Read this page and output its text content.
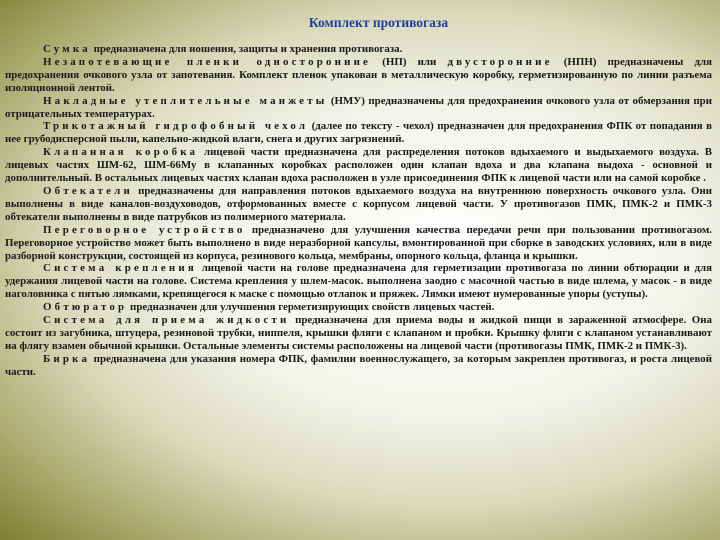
Комплект противогаза

Сумка предназначена для ношения, защиты и хранения противогаза.

Незапотевающие пленки односторонние (НП) или двусторонние (НПН) предназначены для предохранения очкового узла от запотевания. Комплект пленок упакован в металлическую коробку, герметизированную по линии разъема изоляционной лентой.

Накладные утеплительные манжеты (НМУ) предназначены для предохранения очкового узла от обмерзания при отрицательных температурах.

Трикотажный гидрофобный чехол (далее по тексту - чехол) предназначен для предохранения ФПК от попадания в нее грубодисперсной пыли, капельно-жидкой влаги, снега и других загрязнений.

Клапанная коробка лицевой части предназначена для распределения потоков вдыхаемого и выдыхаемого воздуха. В лицевых частях ШМ-62, ШМ-66Му в клапанных коробках расположен один клапан вдоха и два клапана выдоха - основной и дополнительный. В остальных лицевых частях клапан вдоха расположен в узле присоединения ФПК к лицевой части или на самой коробке .

Обтекатели предназначены для направления потоков вдыхаемого воздуха на внутреннюю поверхность очкового узла. Они выполнены в виде каналов-воздуховодов, отформованных вместе с корпусом лицевой части. У противогазов ПМК, ПМК-2 и ПМК-3 обтекатели выполнены в виде патрубков из полимерного материала.

Переговорное устройство предназначено для улучшения качества передачи речи при пользовании противогазом. Переговорное устройство может быть выполнено в виде неразборной капсулы, вмонтированной при сборке в заводских условиях, или в виде разборной конструкции, состоящей из корпуса, резинового кольца, мембраны, опорного кольца, фланца и крышки.

Система крепления лицевой части на голове предназначена для герметизации противогаза по линии обтюрации и для удержания лицевой части на голове. Система крепления у шлем-масок. выполнена заодно с масочной частью в виде шлема, у масок - в виде наголовника с пятью лямками, крепящегося к маске с помощью отлапок и пряжек. Лямки имеют нумерованные упоры (уступы).

Обтюратор предназначен для улучшения герметизирующих свойств лицевых частей.

Система для приема жидкости предназначена для приема воды и жидкой пищи в зараженной атмосфере. Она состоит из загубника, штуцера, резиновой трубки, ниппеля, крышки фляги с клапаном и пробки. Крышку фляги с клапаном устанавливают на флягу взамен обычной крышки. Остальные элементы системы расположены на лицевой части (противогазы ПМК, ПМК-2 и ПМК-3).

Бирка предназначена для указания номера ФПК, фамилии военнослужащего, за которым закреплен противогаз, и роста лицевой части.
